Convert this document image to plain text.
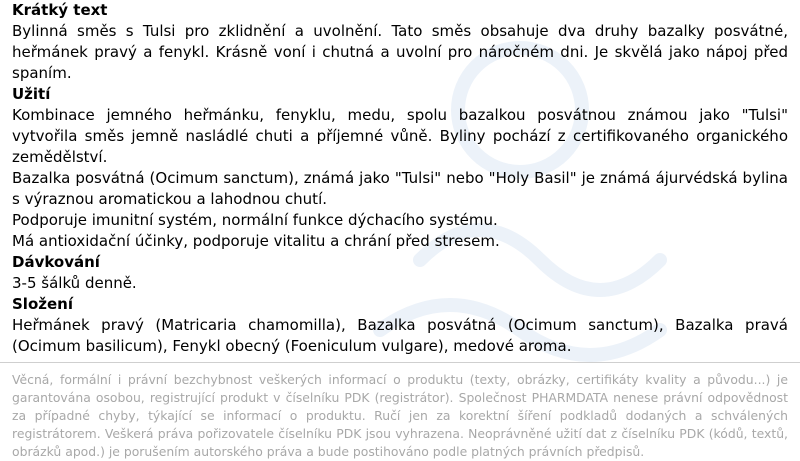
Krátký text

Bylinná směs s Tulsi pro zklidnění a uvolnění. Tato směs obsahuje dva druhy bazalky posvátné, heřmánek pravý a fenykl. Krásně voní i chutná a uvolní pro náročném dni. Je skvělá jako nápoj před spaním.

Užití

Kombinace jemného heřmánku, fenyklu, medu, spolu bazalkou posvátnou známou jako "Tulsi" vytvořila směs jemně nasládlé chuti a příjemné vůně. Byliny pochází z certifikovaného organického zemědělství.

Bazalka posvátná (Ocimum sanctum), známá jako "Tulsi" nebo "Holy Basil" je známá ájurvédská bylina s výraznou aromatickou a lahodnou chutí.

Podporuje imunitní systém, normální funkce dýchacího systému.

Má antioxidační účinky, podporuje vitalitu a chrání před stresem.

Dávkování

3-5 šálků denně.

Složení

Heřmánek pravý (Matricaria chamomilla), Bazalka posvátná (Ocimum sanctum), Bazalka pravá (Ocimum basilicum), Fenykl obecný (Foeniculum vulgare), medové aroma.

Věcná, formální i právní bezchybnost veškerých informací o produktu (texty, obrázky, certifikáty kvality a původu...) je garantována osobou, registrující produkt v číselníku PDK (registrátor). Společnost PHARMDATA nenese právní odpovědnost za případné chyby, týkající se informací o produktu. Ručí jen za korektní šíření podkladů dodaných a schválených registrátorem. Veškerá práva pořizovatele číselníku PDK jsou vyhrazena. Neoprávněné užití dat z číselníku PDK (kódů, textů, obrázků apod.) je porušením autorského práva a bude postihováno podle platných právních předpisů.
